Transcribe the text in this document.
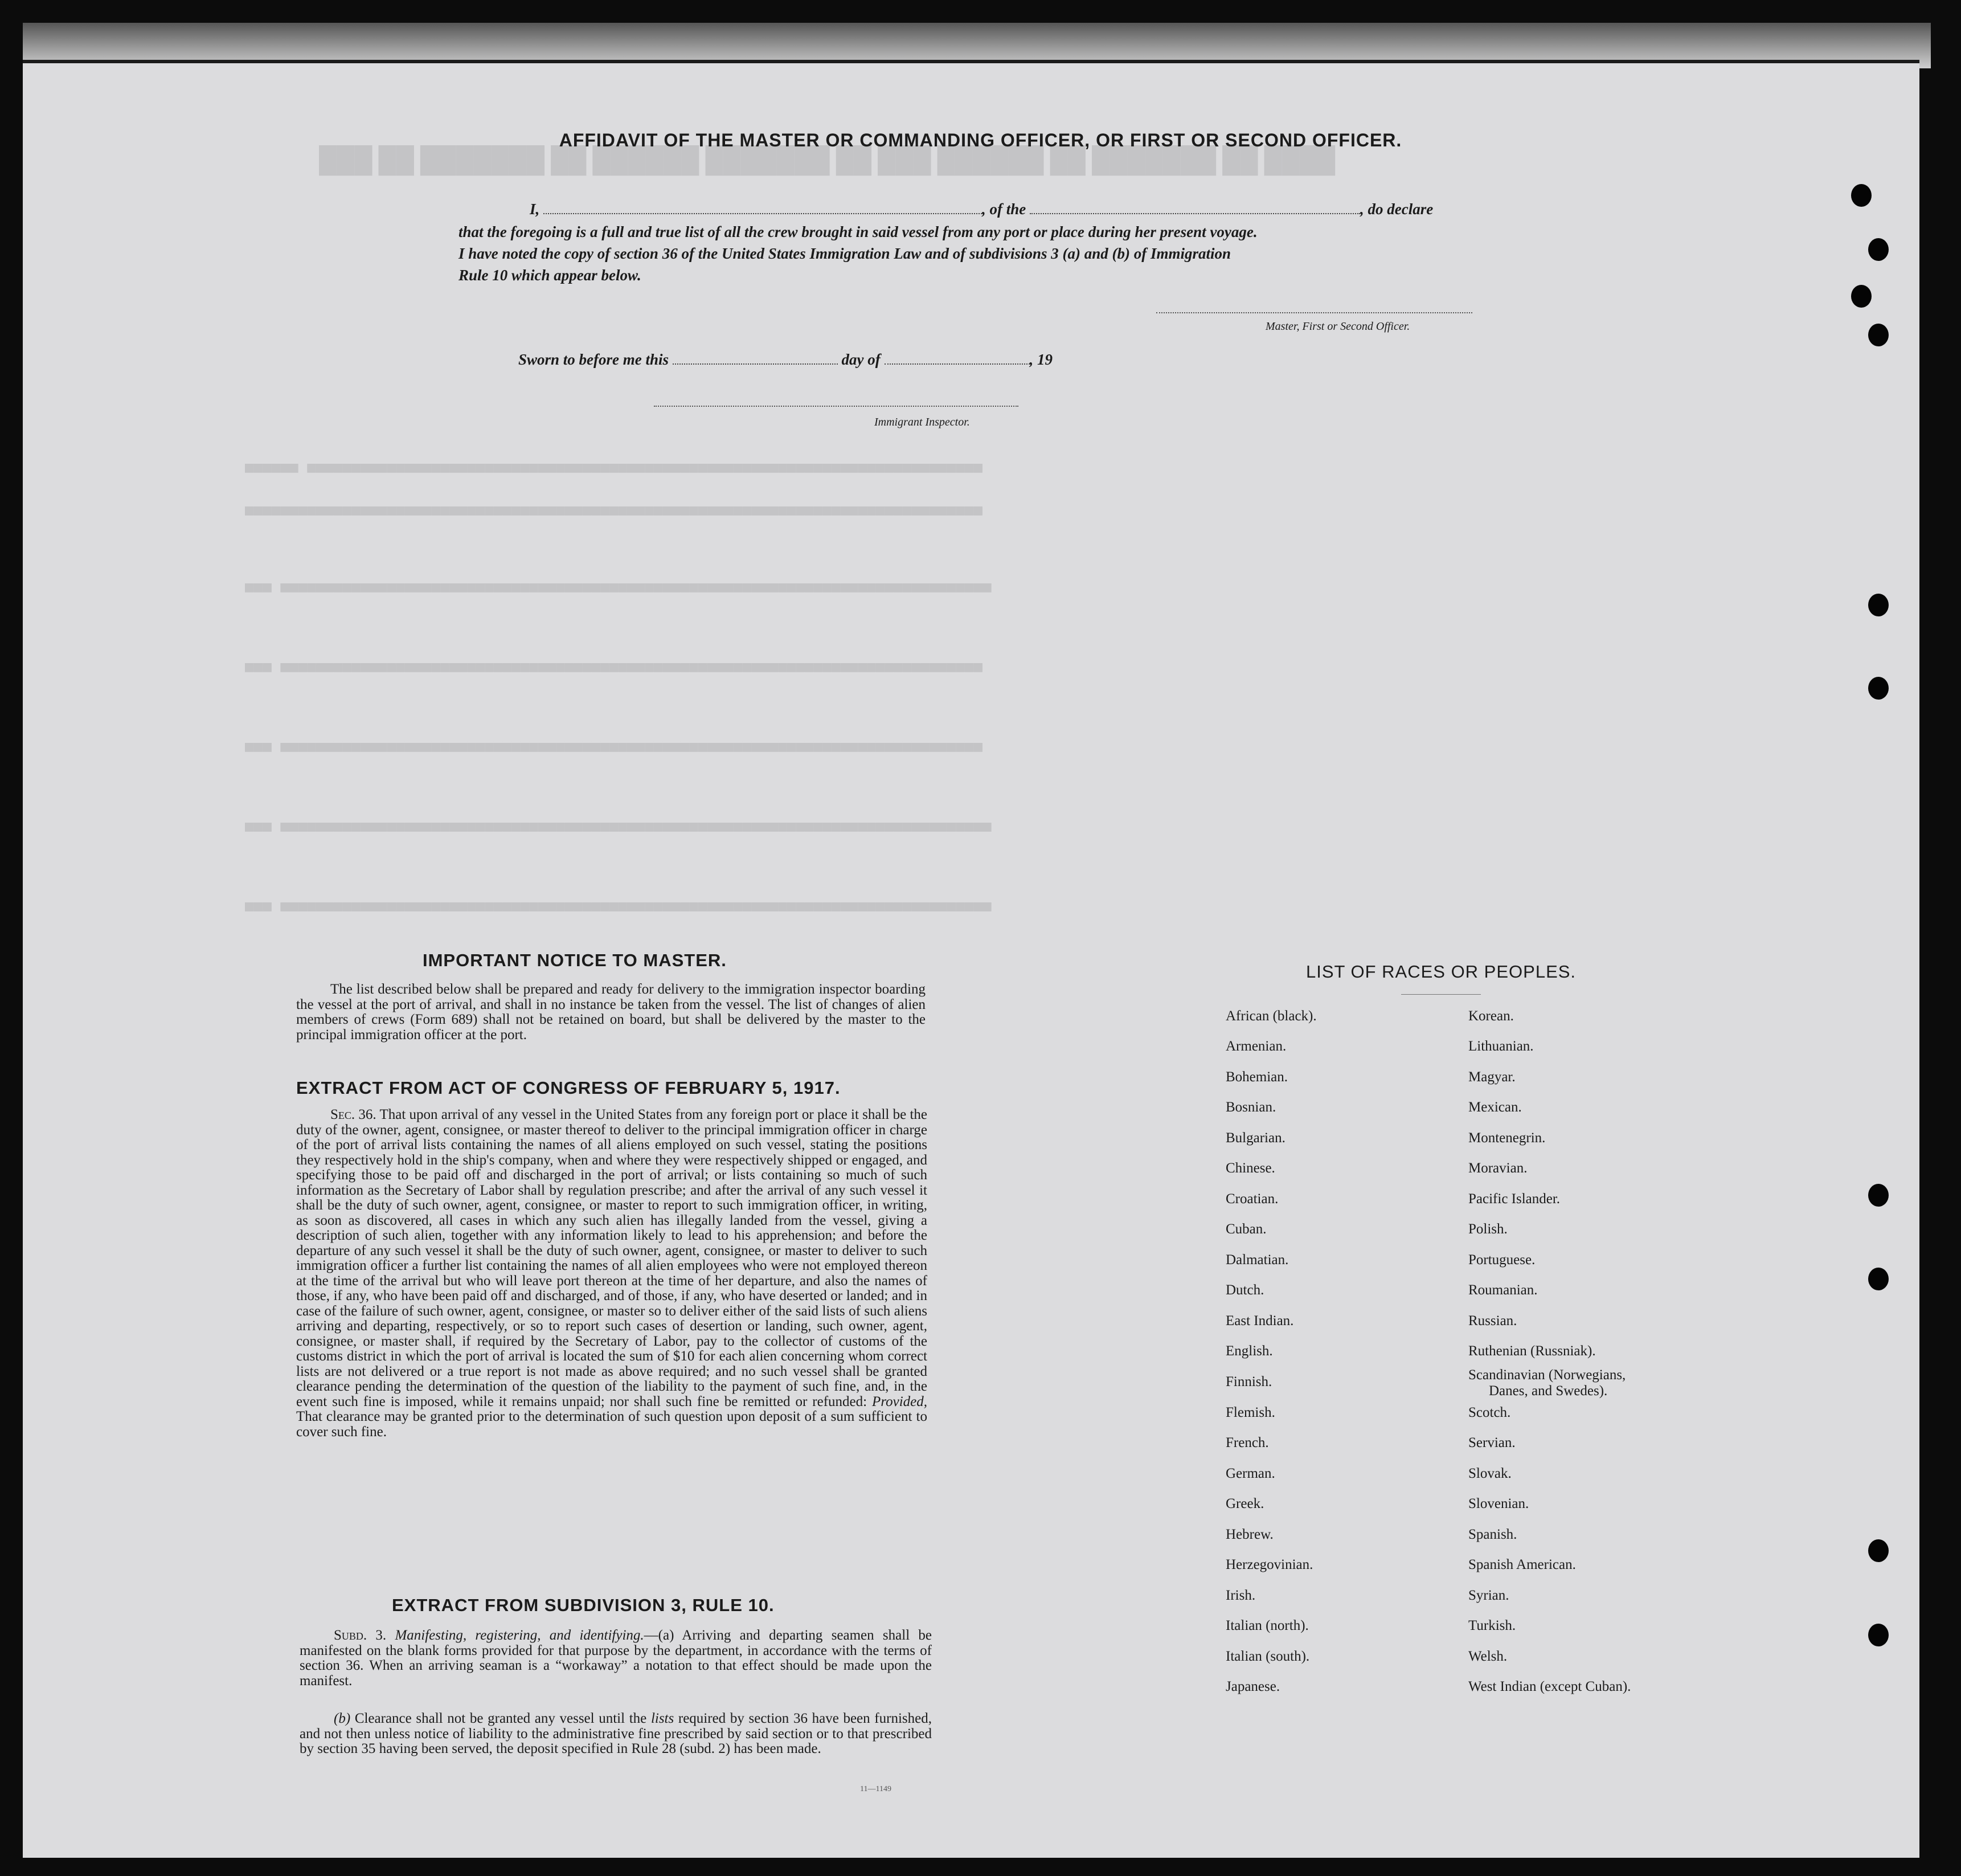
███ ██ ███████ ██ ██████ ███████ ██ ███ ██████ ██ ███████ ██ ████
▄▄▄▄▄▄ ▄▄▄▄▄▄▄▄▄▄▄▄▄▄▄▄▄▄▄▄▄▄▄▄▄▄▄▄▄▄▄▄▄▄▄▄▄▄▄▄▄▄▄▄▄▄▄▄▄▄▄▄▄▄▄▄▄▄▄▄▄▄▄▄▄▄▄▄▄▄▄▄▄▄▄▄
▄▄▄▄▄▄▄▄▄▄▄▄▄▄▄▄▄▄▄▄▄▄▄▄▄▄▄▄▄▄▄▄▄▄▄▄▄▄▄▄▄▄▄▄▄▄▄▄▄▄▄▄▄▄▄▄▄▄▄▄▄▄▄▄▄▄▄▄▄▄▄▄▄▄▄▄▄▄▄▄▄▄▄
▄▄▄ ▄▄▄▄▄▄▄▄▄▄▄▄▄▄▄▄▄▄▄▄▄▄▄▄▄▄▄▄▄▄▄▄▄▄▄▄▄▄▄▄▄▄▄▄▄▄▄▄▄▄▄▄▄▄▄▄▄▄▄▄▄▄▄▄▄▄▄▄▄▄▄▄▄▄▄▄▄▄▄▄
▄▄▄ ▄▄▄▄▄▄▄▄▄▄▄▄▄▄▄▄▄▄▄▄▄▄▄▄▄▄▄▄▄▄▄▄▄▄▄▄▄▄▄▄▄▄▄▄▄▄▄▄▄▄▄▄▄▄▄▄▄▄▄▄▄▄▄▄▄▄▄▄▄▄▄▄▄▄▄▄▄▄▄
▄▄▄ ▄▄▄▄▄▄▄▄▄▄▄▄▄▄▄▄▄▄▄▄▄▄▄▄▄▄▄▄▄▄▄▄▄▄▄▄▄▄▄▄▄▄▄▄▄▄▄▄▄▄▄▄▄▄▄▄▄▄▄▄▄▄▄▄▄▄▄▄▄▄▄▄▄▄▄▄▄▄▄
▄▄▄ ▄▄▄▄▄▄▄▄▄▄▄▄▄▄▄▄▄▄▄▄▄▄▄▄▄▄▄▄▄▄▄▄▄▄▄▄▄▄▄▄▄▄▄▄▄▄▄▄▄▄▄▄▄▄▄▄▄▄▄▄▄▄▄▄▄▄▄▄▄▄▄▄▄▄▄▄▄▄▄▄
▄▄▄ ▄▄▄▄▄▄▄▄▄▄▄▄▄▄▄▄▄▄▄▄▄▄▄▄▄▄▄▄▄▄▄▄▄▄▄▄▄▄▄▄▄▄▄▄▄▄▄▄▄▄▄▄▄▄▄▄▄▄▄▄▄▄▄▄▄▄▄▄▄▄▄▄▄▄▄▄▄▄▄▄
AFFIDAVIT OF THE MASTER OR COMMANDING OFFICER, OR FIRST OR SECOND OFFICER.
I,	, of the	, do declare
that the foregoing is a full and true list of all the crew brought in said vessel from any port or place during her present voyage.
I have noted the copy of section 36 of the United States Immigration Law and of subdivisions 3 (a) and (b) of Immigration
Rule 10 which appear below.
Master, First or Second Officer.
Sworn to before me this	day of	, 19
Immigrant Inspector.
IMPORTANT NOTICE TO MASTER.
The list described below shall be prepared and ready for delivery to the immigration inspector boarding the vessel at the port of arrival, and shall in no instance be taken from the vessel. The list of changes of alien members of crews (Form 689) shall not be retained on board, but shall be delivered by the master to the principal immigration officer at the port.
EXTRACT FROM ACT OF CONGRESS OF FEBRUARY 5, 1917.
Sec. 36. That upon arrival of any vessel in the United States from any foreign port or place it shall be the duty of the owner, agent, consignee, or master thereof to deliver to the principal immigration officer in charge of the port of arrival lists containing the names of all aliens employed on such vessel, stating the positions they respectively hold in the ship's company, when and where they were respectively shipped or engaged, and specifying those to be paid off and discharged in the port of arrival; or lists containing so much of such information as the Secretary of Labor shall by regulation prescribe; and after the arrival of any such vessel it shall be the duty of such owner, agent, consignee, or master to report to such immigration officer, in writing, as soon as discovered, all cases in which any such alien has illegally landed from the vessel, giving a description of such alien, together with any information likely to lead to his apprehension; and before the departure of any such vessel it shall be the duty of such owner, agent, consignee, or master to deliver to such immigration officer a further list containing the names of all alien employees who were not employed thereon at the time of the arrival but who will leave port thereon at the time of her departure, and also the names of those, if any, who have been paid off and discharged, and of those, if any, who have deserted or landed; and in case of the failure of such owner, agent, consignee, or master so to deliver either of the said lists of such aliens arriving and departing, respectively, or so to report such cases of desertion or landing, such owner, agent, consignee, or master shall, if required by the Secretary of Labor, pay to the collector of customs of the customs district in which the port of arrival is located the sum of $10 for each alien concerning whom correct lists are not delivered or a true report is not made as above required; and no such vessel shall be granted clearance pending the determination of the question of the liability to the payment of such fine, and, in the event such fine is imposed, while it remains unpaid; nor shall such fine be remitted or refunded: Provided, That clearance may be granted prior to the determination of such question upon deposit of a sum sufficient to cover such fine.
EXTRACT FROM SUBDIVISION 3, RULE 10.
Subd. 3. Manifesting, registering, and identifying.—(a) Arriving and departing seamen shall be manifested on the blank forms provided for that purpose by the department, in accordance with the terms of section 36. When an arriving seaman is a “workaway” a notation to that effect should be made upon the manifest.
(b) Clearance shall not be granted any vessel until the lists required by section 36 have been furnished, and not then unless notice of liability to the administrative fine prescribed by said section or to that prescribed by section 35 having been served, the deposit specified in Rule 28 (subd. 2) has been made.
LIST OF RACES OR PEOPLES.
African (black).
Armenian.
Bohemian.
Bosnian.
Bulgarian.
Chinese.
Croatian.
Cuban.
Dalmatian.
Dutch.
East Indian.
English.
Finnish.
Flemish.
French.
German.
Greek.
Hebrew.
Herzegovinian.
Irish.
Italian (north).
Italian (south).
Japanese.
Korean.
Lithuanian.
Magyar.
Mexican.
Montenegrin.
Moravian.
Pacific Islander.
Polish.
Portuguese.
Roumanian.
Russian.
Ruthenian (Russniak).
Scandinavian (Norwegians,
Danes, and Swedes).
Scotch.
Servian.
Slovak.
Slovenian.
Spanish.
Spanish American.
Syrian.
Turkish.
Welsh.
West Indian (except Cuban).
11—1149
